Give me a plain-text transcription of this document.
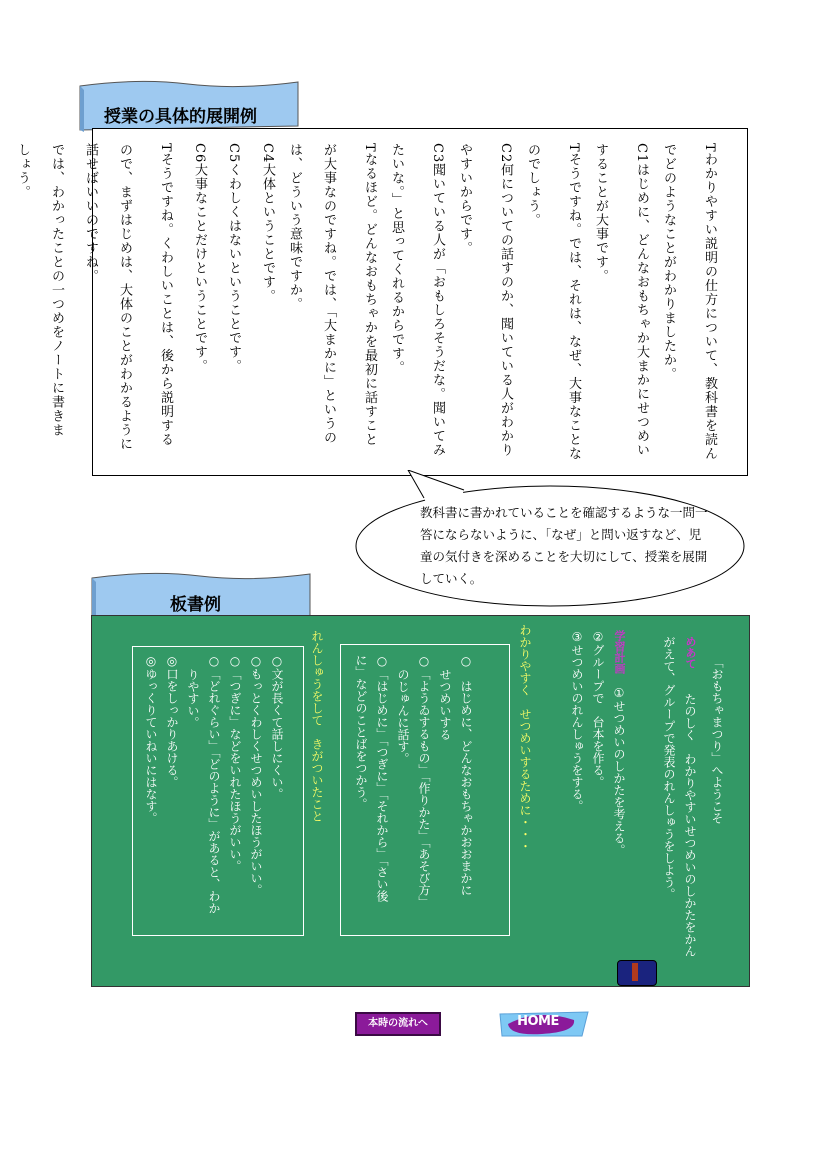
授業の具体的展開例
Tわかりやすい説明の仕方について、教科書を読ん
でどのようなことがわかりましたか。
C1はじめに、どんなおもちゃか大まかにせつめい
することが大事です。
Tそうですね。では、それは、なぜ、大事なことな
のでしょう。
C2何についての話すのか、聞いている人がわかり
やすいからです。
C3聞いている人が「おもしろそうだな。聞いてみ
たいな。」と思ってくれるからです。
Tなるほど。どんなおもちゃかを最初に話すこと
が大事なのですね。では、「大まかに」というの
は、どういう意味ですか。
C4大体ということです。
C5くわしくはないということです。
C6大事なことだけということです。
Tそうですね。くわしいことは、後から説明する
ので、まずはじめは、大体のことがわかるように
話せばいいのですね。
では、わかったことの一つめをノートに書きま
しょう。
教科書に書かれていることを確認するような一問一答にならないように、「なぜ」と問い返すなど、児童の気付きを深めることを大切にして、授業を展開していく。
板書例
「おもちゃまつり」へようこそ
めあて　　たのしく　わかりやすいせつめいのしかたをかん
がえて、グループで発表のれんしゅうをしよう。
学習計画　①せつめいのしかたを考える。
②グループで　台本を作る。
③せつめいのれんしゅうをする。
わかりやすく　せつめいするために・・・
○　はじめに、どんなおもちゃかおおまかに
せつめいする
○「ようゐするもの」「作りかた」「あそび方」
のじゅんに話す。
○「はじめに」「つぎに」「それから」「さい後
に」などのことばをつかう。
れんしゅうをして　きがついたこと
○文が長くて話しにくい。
○もっとくわしくせつめいしたほうがいい。
○「つぎに」などをいれたほうがいい。
○「どれぐらい」「どのように」があると、わか
りやすい。
◎口をしっかりあける。
◎ゆっくりていねいにはなす。
本時の流れへ	HOME
